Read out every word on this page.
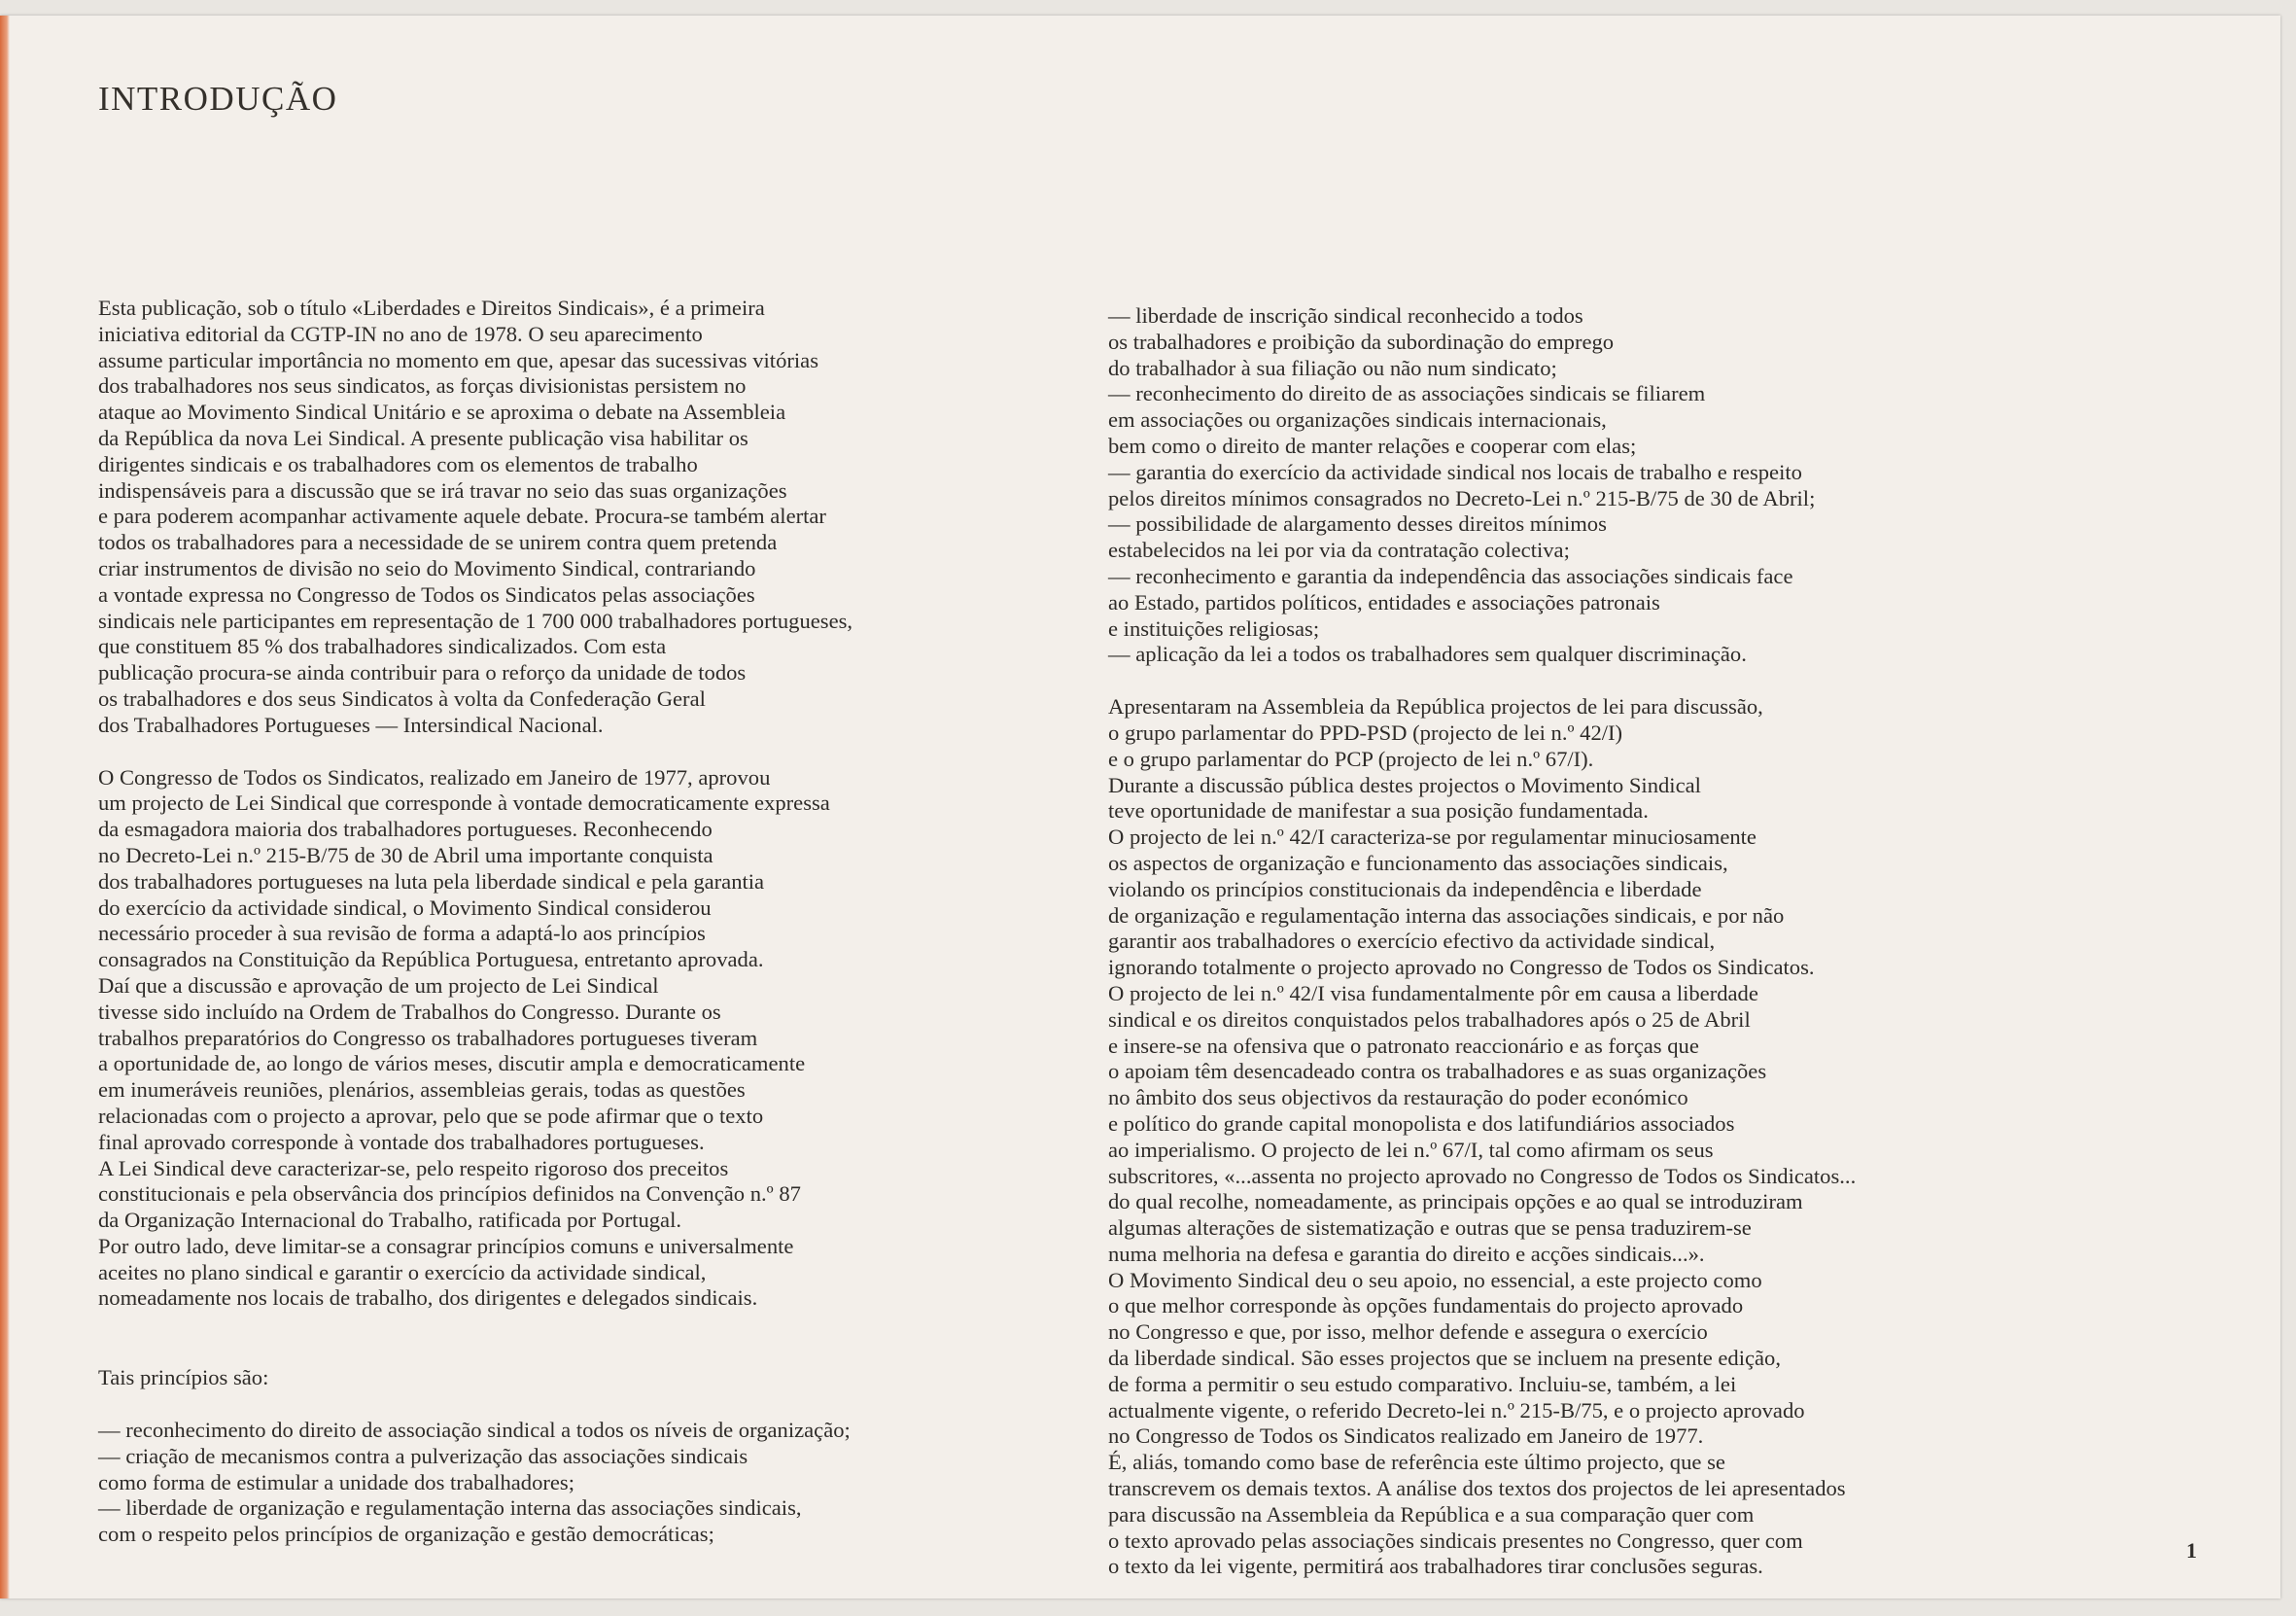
INTRODUÇÃO
Esta publicação, sob o título «Liberdades e Direitos Sindicais», é a primeira
iniciativa editorial da CGTP-IN no ano de 1978. O seu aparecimento
assume particular importância no momento em que, apesar das sucessivas vitórias
dos trabalhadores nos seus sindicatos, as forças divisionistas persistem no
ataque ao Movimento Sindical Unitário e se aproxima o debate na Assembleia
da República da nova Lei Sindical. A presente publicação visa habilitar os
dirigentes sindicais e os trabalhadores com os elementos de trabalho
indispensáveis para a discussão que se irá travar no seio das suas organizações
e para poderem acompanhar activamente aquele debate. Procura-se também alertar
todos os trabalhadores para a necessidade de se unirem contra quem pretenda
criar instrumentos de divisão no seio do Movimento Sindical, contrariando
a vontade expressa no Congresso de Todos os Sindicatos pelas associações
sindicais nele participantes em representação de 1 700 000 trabalhadores portugueses,
que constituem 85 % dos trabalhadores sindicalizados. Com esta
publicação procura-se ainda contribuir para o reforço da unidade de todos
os trabalhadores e dos seus Sindicatos à volta da Confederação Geral
dos Trabalhadores Portugueses — Intersindical Nacional.
O Congresso de Todos os Sindicatos, realizado em Janeiro de 1977, aprovou
um projecto de Lei Sindical que corresponde à vontade democraticamente expressa
da esmagadora maioria dos trabalhadores portugueses. Reconhecendo
no Decreto-Lei n.º 215-B/75 de 30 de Abril uma importante conquista
dos trabalhadores portugueses na luta pela liberdade sindical e pela garantia
do exercício da actividade sindical, o Movimento Sindical considerou
necessário proceder à sua revisão de forma a adaptá-lo aos princípios
consagrados na Constituição da República Portuguesa, entretanto aprovada.
Daí que a discussão e aprovação de um projecto de Lei Sindical
tivesse sido incluído na Ordem de Trabalhos do Congresso. Durante os
trabalhos preparatórios do Congresso os trabalhadores portugueses tiveram
a oportunidade de, ao longo de vários meses, discutir ampla e democraticamente
em inumeráveis reuniões, plenários, assembleias gerais, todas as questões
relacionadas com o projecto a aprovar, pelo que se pode afirmar que o texto
final aprovado corresponde à vontade dos trabalhadores portugueses.
A Lei Sindical deve caracterizar-se, pelo respeito rigoroso dos preceitos
constitucionais e pela observância dos princípios definidos na Convenção n.º 87
da Organização Internacional do Trabalho, ratificada por Portugal.
Por outro lado, deve limitar-se a consagrar princípios comuns e universalmente
aceites no plano sindical e garantir o exercício da actividade sindical,
nomeadamente nos locais de trabalho, dos dirigentes e delegados sindicais.
Tais princípios são:
— reconhecimento do direito de associação sindical a todos os níveis de organização;
— criação de mecanismos contra a pulverização das associações sindicais
como forma de estimular a unidade dos trabalhadores;
— liberdade de organização e regulamentação interna das associações sindicais,
com o respeito pelos princípios de organização e gestão democráticas;
— liberdade de inscrição sindical reconhecido a todos
os trabalhadores e proibição da subordinação do emprego
do trabalhador à sua filiação ou não num sindicato;
— reconhecimento do direito de as associações sindicais se filiarem
em associações ou organizações sindicais internacionais,
bem como o direito de manter relações e cooperar com elas;
— garantia do exercício da actividade sindical nos locais de trabalho e respeito
pelos direitos mínimos consagrados no Decreto-Lei n.º 215-B/75 de 30 de Abril;
— possibilidade de alargamento desses direitos mínimos
estabelecidos na lei por via da contratação colectiva;
— reconhecimento e garantia da independência das associações sindicais face
ao Estado, partidos políticos, entidades e associações patronais
e instituições religiosas;
— aplicação da lei a todos os trabalhadores sem qualquer discriminação.
Apresentaram na Assembleia da República projectos de lei para discussão,
o grupo parlamentar do PPD-PSD (projecto de lei n.º 42/I)
e o grupo parlamentar do PCP (projecto de lei n.º 67/I).
Durante a discussão pública destes projectos o Movimento Sindical
teve oportunidade de manifestar a sua posição fundamentada.
O projecto de lei n.º 42/I caracteriza-se por regulamentar minuciosamente
os aspectos de organização e funcionamento das associações sindicais,
violando os princípios constitucionais da independência e liberdade
de organização e regulamentação interna das associações sindicais, e por não
garantir aos trabalhadores o exercício efectivo da actividade sindical,
ignorando totalmente o projecto aprovado no Congresso de Todos os Sindicatos.
O projecto de lei n.º 42/I visa fundamentalmente pôr em causa a liberdade
sindical e os direitos conquistados pelos trabalhadores após o 25 de Abril
e insere-se na ofensiva que o patronato reaccionário e as forças que
o apoiam têm desencadeado contra os trabalhadores e as suas organizações
no âmbito dos seus objectivos da restauração do poder económico
e político do grande capital monopolista e dos latifundiários associados
ao imperialismo. O projecto de lei n.º 67/I, tal como afirmam os seus
subscritores, «...assenta no projecto aprovado no Congresso de Todos os Sindicatos...
do qual recolhe, nomeadamente, as principais opções e ao qual se introduziram
algumas alterações de sistematização e outras que se pensa traduzirem-se
numa melhoria na defesa e garantia do direito e acções sindicais...».
O Movimento Sindical deu o seu apoio, no essencial, a este projecto como
o que melhor corresponde às opções fundamentais do projecto aprovado
no Congresso e que, por isso, melhor defende e assegura o exercício
da liberdade sindical. São esses projectos que se incluem na presente edição,
de forma a permitir o seu estudo comparativo. Incluiu-se, também, a lei
actualmente vigente, o referido Decreto-lei n.º 215-B/75, e o projecto aprovado
no Congresso de Todos os Sindicatos realizado em Janeiro de 1977.
É, aliás, tomando como base de referência este último projecto, que se
transcrevem os demais textos. A análise dos textos dos projectos de lei apresentados
para discussão na Assembleia da República e a sua comparação quer com
o texto aprovado pelas associações sindicais presentes no Congresso, quer com
o texto da lei vigente, permitirá aos trabalhadores tirar conclusões seguras.
1
